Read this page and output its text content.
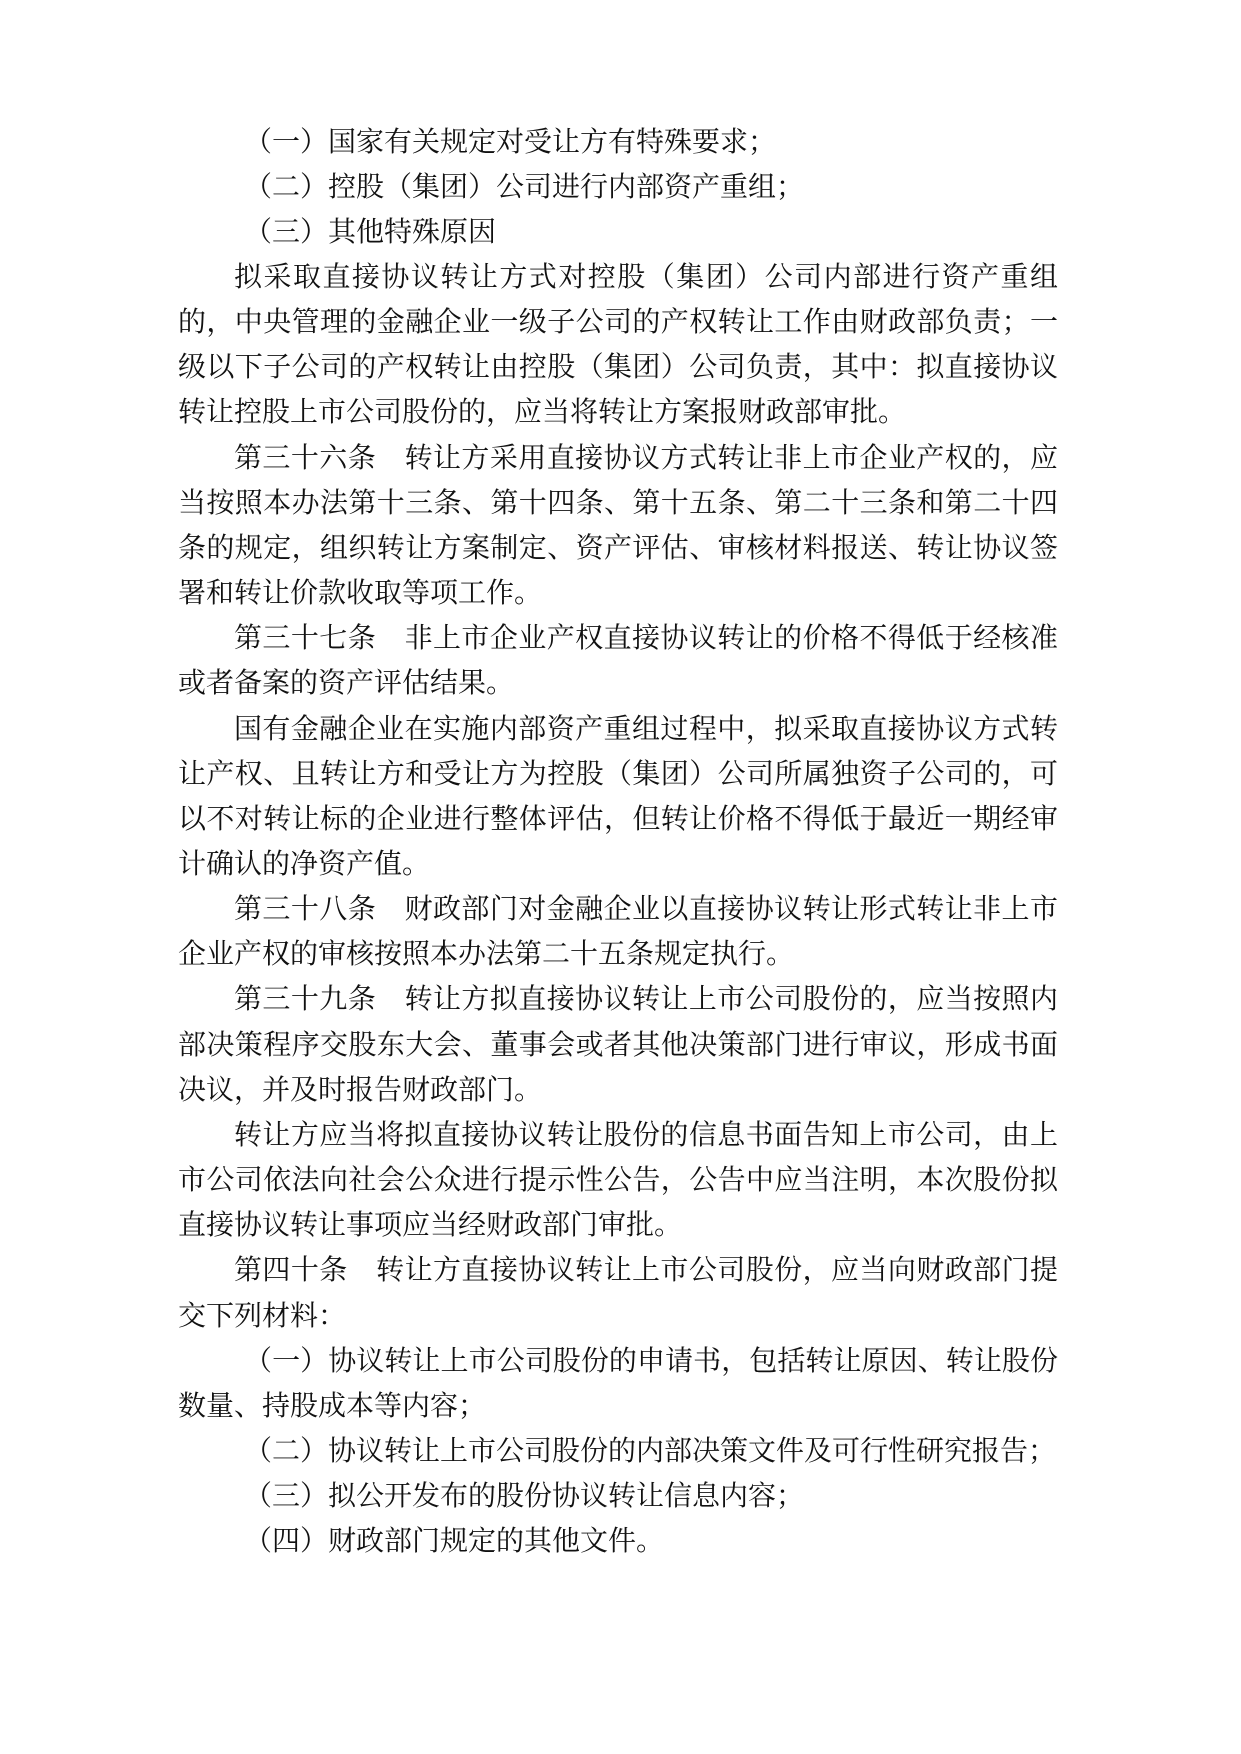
（一）国家有关规定对受让方有特殊要求；

（二）控股（集团）公司进行内部资产重组；

（三）其他特殊原因

拟采取直接协议转让方式对控股（集团）公司内部进行资产重组的，中央管理的金融企业一级子公司的产权转让工作由财政部负责；一级以下子公司的产权转让由控股（集团）公司负责，其中：拟直接协议转让控股上市公司股份的，应当将转让方案报财政部审批。

第三十六条　转让方采用直接协议方式转让非上市企业产权的，应当按照本办法第十三条、第十四条、第十五条、第二十三条和第二十四条的规定，组织转让方案制定、资产评估、审核材料报送、转让协议签署和转让价款收取等项工作。

第三十七条　非上市企业产权直接协议转让的价格不得低于经核准或者备案的资产评估结果。

国有金融企业在实施内部资产重组过程中，拟采取直接协议方式转让产权、且转让方和受让方为控股（集团）公司所属独资子公司的，可以不对转让标的企业进行整体评估，但转让价格不得低于最近一期经审计确认的净资产值。

第三十八条　财政部门对金融企业以直接协议转让形式转让非上市企业产权的审核按照本办法第二十五条规定执行。

第三十九条　转让方拟直接协议转让上市公司股份的，应当按照内部决策程序交股东大会、董事会或者其他决策部门进行审议，形成书面决议，并及时报告财政部门。

转让方应当将拟直接协议转让股份的信息书面告知上市公司，由上市公司依法向社会公众进行提示性公告，公告中应当注明，本次股份拟直接协议转让事项应当经财政部门审批。

第四十条　转让方直接协议转让上市公司股份，应当向财政部门提交下列材料：

（一）协议转让上市公司股份的申请书，包括转让原因、转让股份数量、持股成本等内容；

（二）协议转让上市公司股份的内部决策文件及可行性研究报告；

（三）拟公开发布的股份协议转让信息内容；

（四）财政部门规定的其他文件。
